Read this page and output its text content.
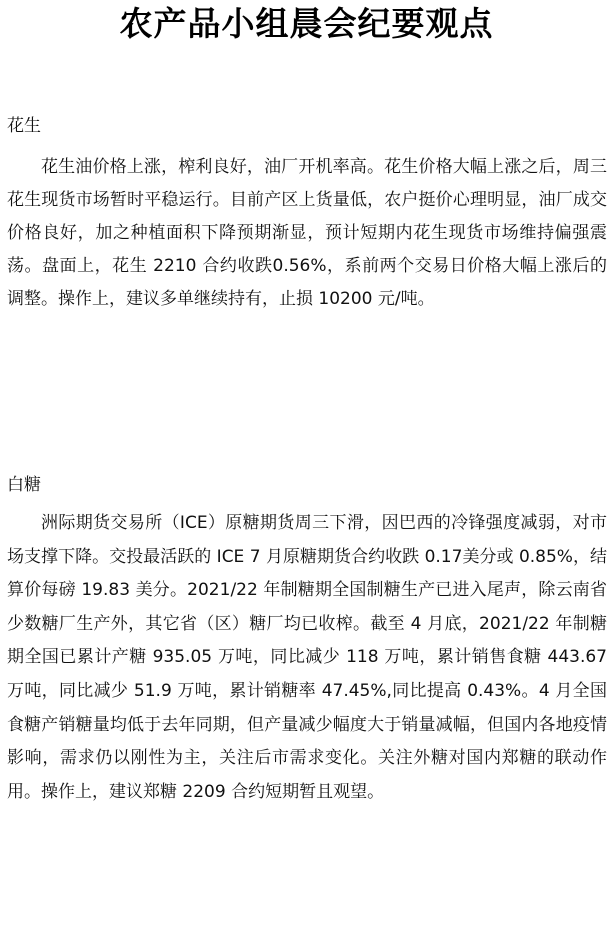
农产品小组晨会纪要观点
花生

花生油价格上涨，榨利良好，油厂开机率高。花生价格大幅上涨之后，周三花生现货市场暂时平稳运行。目前产区上货量低，农户挺价心理明显，油厂成交价格良好，加之种植面积下降预期渐显，预计短期内花生现货市场维持偏强震荡。盘面上，花生 2210 合约收跌0.56%，系前两个交易日价格大幅上涨后的调整。操作上，建议多单继续持有，止损 10200 元/吨。

白糖

洲际期货交易所（ICE）原糖期货周三下滑，因巴西的冷锋强度减弱，对市场支撑下降。交投最活跃的 ICE 7 月原糖期货合约收跌 0.17美分或 0.85%，结算价每磅 19.83 美分。2021/22 年制糖期全国制糖生产已进入尾声，除云南省少数糖厂生产外，其它省（区）糖厂均已收榨。截至 4 月底，2021/22 年制糖期全国已累计产糖 935.05 万吨，同比减少 118 万吨，累计销售食糖 443.67 万吨，同比减少 51.9 万吨，累计销糖率 47.45%,同比提高 0.43%。4 月全国食糖产销糖量均低于去年同期，但产量减少幅度大于销量减幅，但国内各地疫情影响，需求仍以刚性为主，关注后市需求变化。关注外糖对国内郑糖的联动作用。操作上，建议郑糖 2209 合约短期暂且观望。
